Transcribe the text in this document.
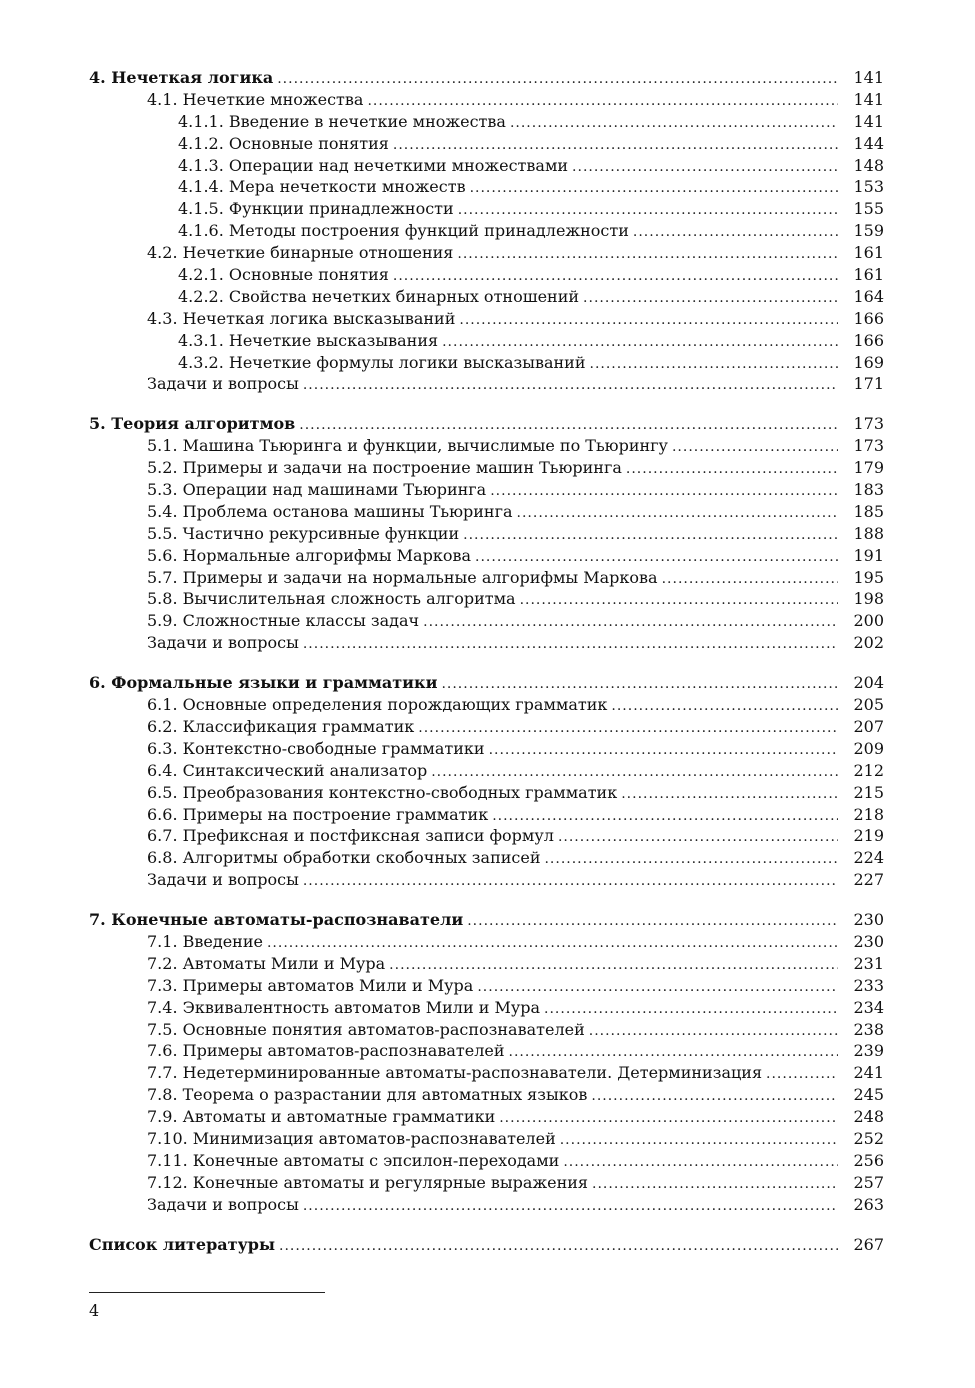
4. Нечеткая логика .....	141
4.1. Нечеткие множества .....	141
4.1.1. Введение в нечеткие множества .....	141
4.1.2. Основные понятия .....	144
4.1.3. Операции над нечеткими множествами .....	148
4.1.4. Мера нечеткости множеств .....	153
4.1.5. Функции принадлежности .....	155
4.1.6. Методы построения функций принадлежности .....	159
4.2. Нечеткие бинарные отношения .....	161
4.2.1. Основные понятия .....	161
4.2.2. Свойства нечетких бинарных отношений .....	164
4.3. Нечеткая логика высказываний .....	166
4.3.1. Нечеткие высказывания .....	166
4.3.2. Нечеткие формулы логики высказываний .....	169
Задачи и вопросы .....	171
5. Теория алгоритмов .....	173
5.1. Машина Тьюринга и функции, вычислимые по Тьюрингу .....	173
5.2. Примеры и задачи на построение машин Тьюринга .....	179
5.3. Операции над машинами Тьюринга .....	183
5.4. Проблема останова машины Тьюринга .....	185
5.5. Частично рекурсивные функции .....	188
5.6. Нормальные алгорифмы Маркова .....	191
5.7. Примеры и задачи на нормальные алгорифмы Маркова .....	195
5.8. Вычислительная сложность алгоритма .....	198
5.9. Сложностные классы задач .....	200
Задачи и вопросы .....	202
6. Формальные языки и грамматики .....	204
6.1. Основные определения порождающих грамматик .....	205
6.2. Классификация грамматик .....	207
6.3. Контекстно-свободные грамматики .....	209
6.4. Синтаксический анализатор .....	212
6.5. Преобразования контекстно-свободных грамматик .....	215
6.6. Примеры на построение грамматик .....	218
6.7. Префиксная и постфиксная записи формул .....	219
6.8. Алгоритмы обработки скобочных записей .....	224
Задачи и вопросы .....	227
7. Конечные автоматы-распознаватели .....	230
7.1. Введение .....	230
7.2. Автоматы Мили и Мура .....	231
7.3. Примеры автоматов Мили и Мура .....	233
7.4. Эквивалентность автоматов Мили и Мура .....	234
7.5. Основные понятия автоматов-распознавателей .....	238
7.6. Примеры автоматов-распознавателей .....	239
7.7. Недетерминированные автоматы-распознаватели. Детерминизация .....	241
7.8. Теорема о разрастании для автоматных языков .....	245
7.9. Автоматы и автоматные грамматики .....	248
7.10. Минимизация автоматов-распознавателей .....	252
7.11. Конечные автоматы с эпсилон-переходами .....	256
7.12. Конечные автоматы и регулярные выражения .....	257
Задачи и вопросы .....	263
Список литературы .....	267
4
